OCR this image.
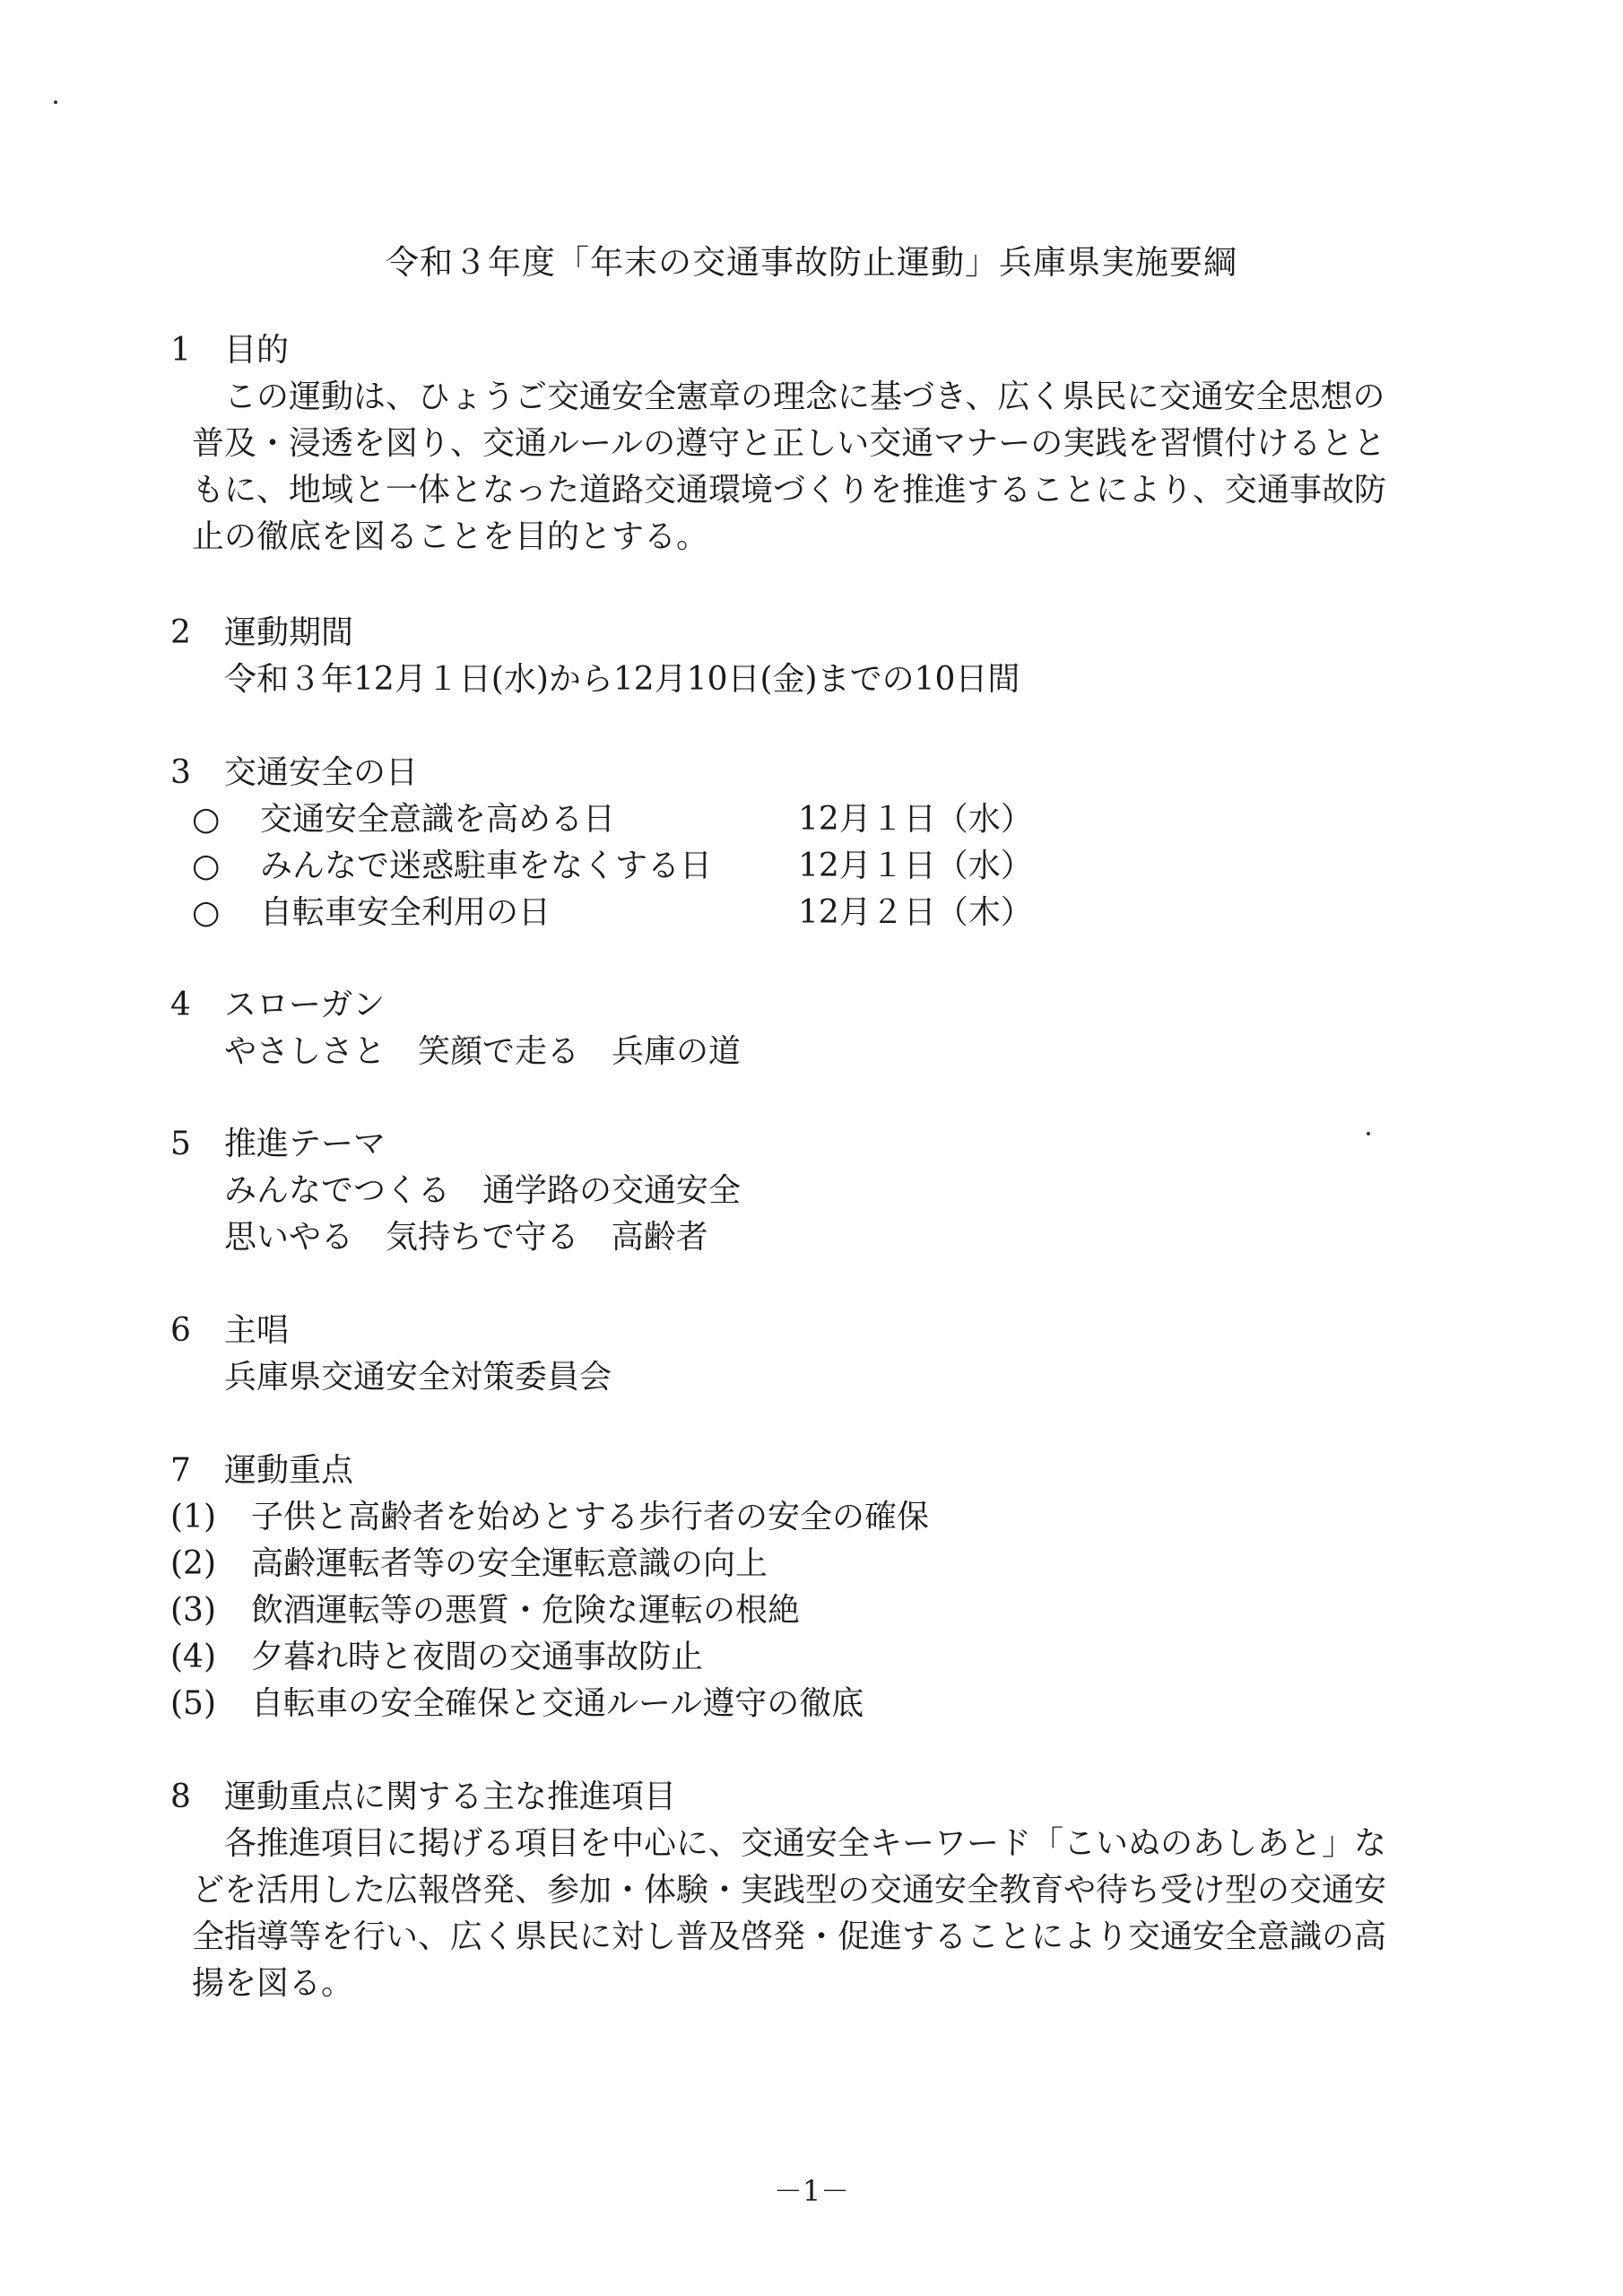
令和３年度「年末の交通事故防止運動」兵庫県実施要綱
1	目的

この運動は、ひょうご交通安全憲章の理念に基づき、広く県民に交通安全思想の普及・浸透を図り、交通ルールの遵守と正しい交通マナーの実践を習慣付けるとともに、地域と一体となった道路交通環境づくりを推進することにより、交通事故防止の徹底を図ることを目的とする。

2	運動期間
令和３年12月１日(水)から12月10日(金)までの10日間
3	交通安全の日
○	交通安全意識を高める日	12月１日（水）
○	みんなで迷惑駐車をなくする日	12月１日（水）
○	自転車安全利用の日	12月２日（木）
4	スローガン
やさしさと　笑顔で走る　兵庫の道
5	推進テーマ
みんなでつくる　通学路の交通安全
思いやる　気持ちで守る　高齢者
6	主唱
兵庫県交通安全対策委員会
7	運動重点
(1)	子供と高齢者を始めとする歩行者の安全の確保
(2)	高齢運転者等の安全運転意識の向上
(3)	飲酒運転等の悪質・危険な運転の根絶
(4)	夕暮れ時と夜間の交通事故防止
(5)	自転車の安全確保と交通ルール遵守の徹底
8	運動重点に関する主な推進項目

各推進項目に掲げる項目を中心に、交通安全キーワード「こいぬのあしあと」などを活用した広報啓発、参加・体験・実践型の交通安全教育や待ち受け型の交通安全指導等を行い、広く県民に対し普及啓発・促進することにより交通安全意識の高揚を図る。

－1－
